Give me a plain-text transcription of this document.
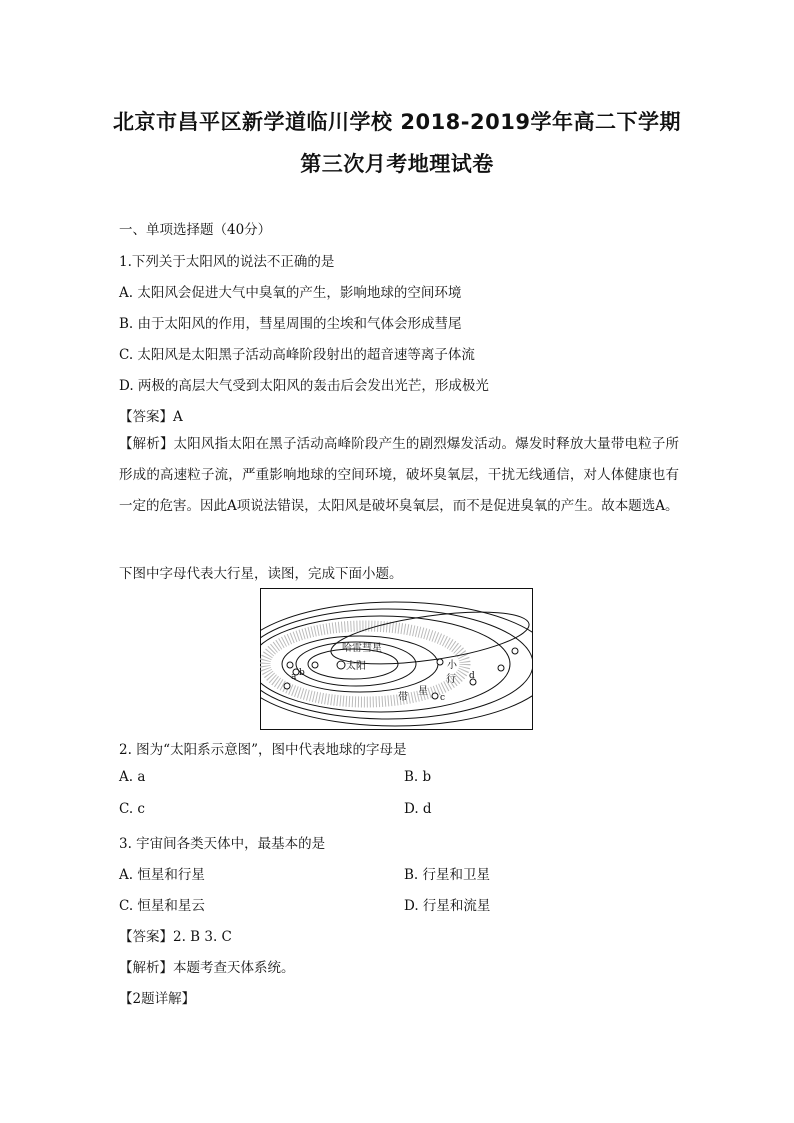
北京市昌平区新学道临川学校 2018-2019学年高二下学期
第三次月考地理试卷
一、单项选择题（40分）
1.下列关于太阳风的说法不正确的是
A. 太阳风会促进大气中臭氧的产生，影响地球的空间环境
B. 由于太阳风的作用，彗星周围的尘埃和气体会形成彗尾
C. 太阳风是太阳黑子活动高峰阶段射出的超音速等离子体流
D. 两极的高层大气受到太阳风的轰击后会发出光芒，形成极光
【答案】A
【解析】太阳风指太阳在黑子活动高峰阶段产生的剧烈爆发活动。爆发时释放大量带电粒子所形成的高速粒子流，严重影响地球的空间环境，破坏臭氧层，干扰无线通信，对人体健康也有一定的危害。因此A项说法错误，太阳风是破坏臭氧层，而不是促进臭氧的产生。故本题选A。
下图中字母代表大行星，读图，完成下面小题。
太阳
哈雷彗星
b
a	d
c
小
行
星
带
2. 图为“太阳系示意图”，图中代表地球的字母是
A. a	B. b
C. c	D. d
3. 宇宙间各类天体中，最基本的是
A. 恒星和行星	B. 行星和卫星
C. 恒星和星云	D. 行星和流星
【答案】2. B 3. C
【解析】本题考查天体系统。
【2题详解】
